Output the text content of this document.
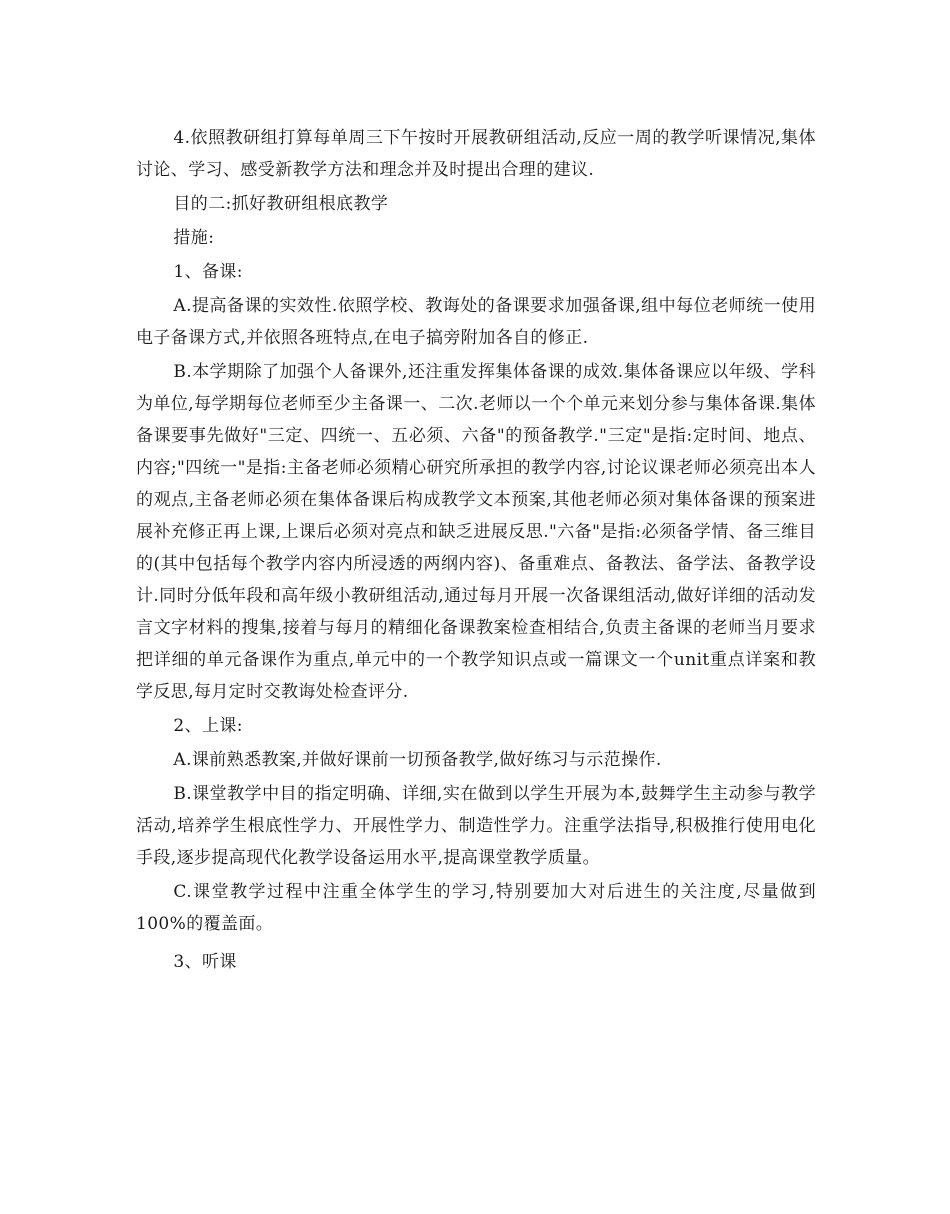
4.依照教研组打算每单周三下午按时开展教研组活动,反应一周的教学听课情况,集体讨论、学习、感受新教学方法和理念并及时提出合理的建议.

目的二:抓好教研组根底教学

措施:

1、备课:

A.提高备课的实效性.依照学校、教诲处的备课要求加强备课,组中每位老师统一使用电子备课方式,并依照各班特点,在电子搞旁附加各自的修正.

B.本学期除了加强个人备课外,还注重发挥集体备课的成效.集体备课应以年级、学科为单位,每学期每位老师至少主备课一、二次.老师以一个个单元来划分参与集体备课.集体备课要事先做好"三定、四统一、五必须、六备"的预备教学."三定"是指:定时间、地点、内容;"四统一"是指:主备老师必须精心研究所承担的教学内容,讨论议课老师必须亮出本人的观点,主备老师必须在集体备课后构成教学文本预案,其他老师必须对集体备课的预案进展补充修正再上课,上课后必须对亮点和缺乏进展反思."六备"是指:必须备学情、备三维目的(其中包括每个教学内容内所浸透的两纲内容)、备重难点、备教法、备学法、备教学设计.同时分低年段和高年级小教研组活动,通过每月开展一次备课组活动,做好详细的活动发言文字材料的搜集,接着与每月的精细化备课教案检查相结合,负责主备课的老师当月要求把详细的单元备课作为重点,单元中的一个教学知识点或一篇课文一个unit重点详案和教学反思,每月定时交教诲处检查评分.

2、上课:

A.课前熟悉教案,并做好课前一切预备教学,做好练习与示范操作.

B.课堂教学中目的指定明确、详细,实在做到以学生开展为本,鼓舞学生主动参与教学活动,培养学生根底性学力、开展性学力、制造性学力。注重学法指导,积极推行使用电化手段,逐步提高现代化教学设备运用水平,提高课堂教学质量。

C.课堂教学过程中注重全体学生的学习,特别要加大对后进生的关注度,尽量做到100%的覆盖面。

3、听课
